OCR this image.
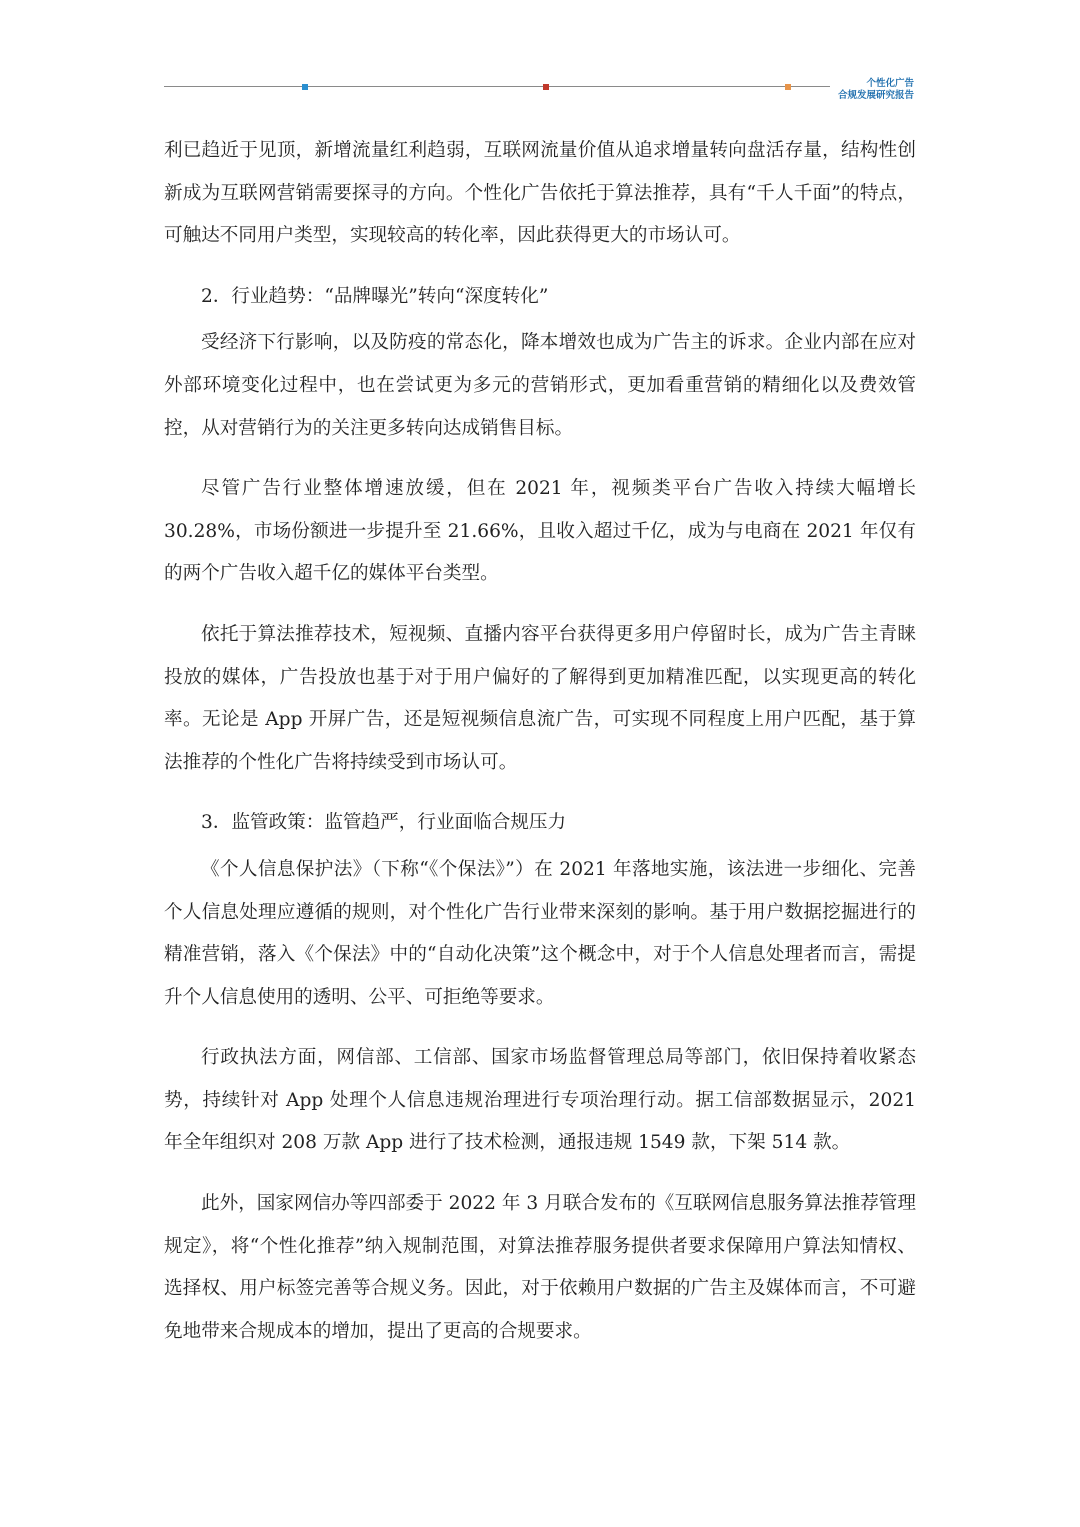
个性化广告
合规发展研究报告

利已趋近于见顶，新增流量红利趋弱，互联网流量价值从追求增量转向盘活存量，结构性创新成为互联网营销需要探寻的方向。个性化广告依托于算法推荐，具有“千人千面”的特点，可触达不同用户类型，实现较高的转化率，因此获得更大的市场认可。

2．行业趋势：“品牌曝光”转向“深度转化”

受经济下行影响，以及防疫的常态化，降本增效也成为广告主的诉求。企业内部在应对外部环境变化过程中，也在尝试更为多元的营销形式，更加看重营销的精细化以及费效管控，从对营销行为的关注更多转向达成销售目标。

尽管广告行业整体增速放缓，但在 2021 年，视频类平台广告收入持续大幅增长 30.28%，市场份额进一步提升至 21.66%，且收入超过千亿，成为与电商在 2021 年仅有的两个广告收入超千亿的媒体平台类型。

依托于算法推荐技术，短视频、直播内容平台获得更多用户停留时长，成为广告主青睐投放的媒体，广告投放也基于对于用户偏好的了解得到更加精准匹配，以实现更高的转化率。无论是 App 开屏广告，还是短视频信息流广告，可实现不同程度上用户匹配，基于算法推荐的个性化广告将持续受到市场认可。

3．监管政策：监管趋严，行业面临合规压力

《个人信息保护法》（下称“《个保法》”）在 2021 年落地实施，该法进一步细化、完善个人信息处理应遵循的规则，对个性化广告行业带来深刻的影响。基于用户数据挖掘进行的精准营销，落入《个保法》中的“自动化决策”这个概念中，对于个人信息处理者而言，需提升个人信息使用的透明、公平、可拒绝等要求。

行政执法方面，网信部、工信部、国家市场监督管理总局等部门，依旧保持着收紧态势，持续针对 App 处理个人信息违规治理进行专项治理行动。据工信部数据显示，2021 年全年组织对 208 万款 App 进行了技术检测，通报违规 1549 款，下架 514 款。

此外，国家网信办等四部委于 2022 年 3 月联合发布的《互联网信息服务算法推荐管理规定》，将“个性化推荐”纳入规制范围，对算法推荐服务提供者要求保障用户算法知情权、选择权、用户标签完善等合规义务。因此，对于依赖用户数据的广告主及媒体而言，不可避免地带来合规成本的增加，提出了更高的合规要求。
